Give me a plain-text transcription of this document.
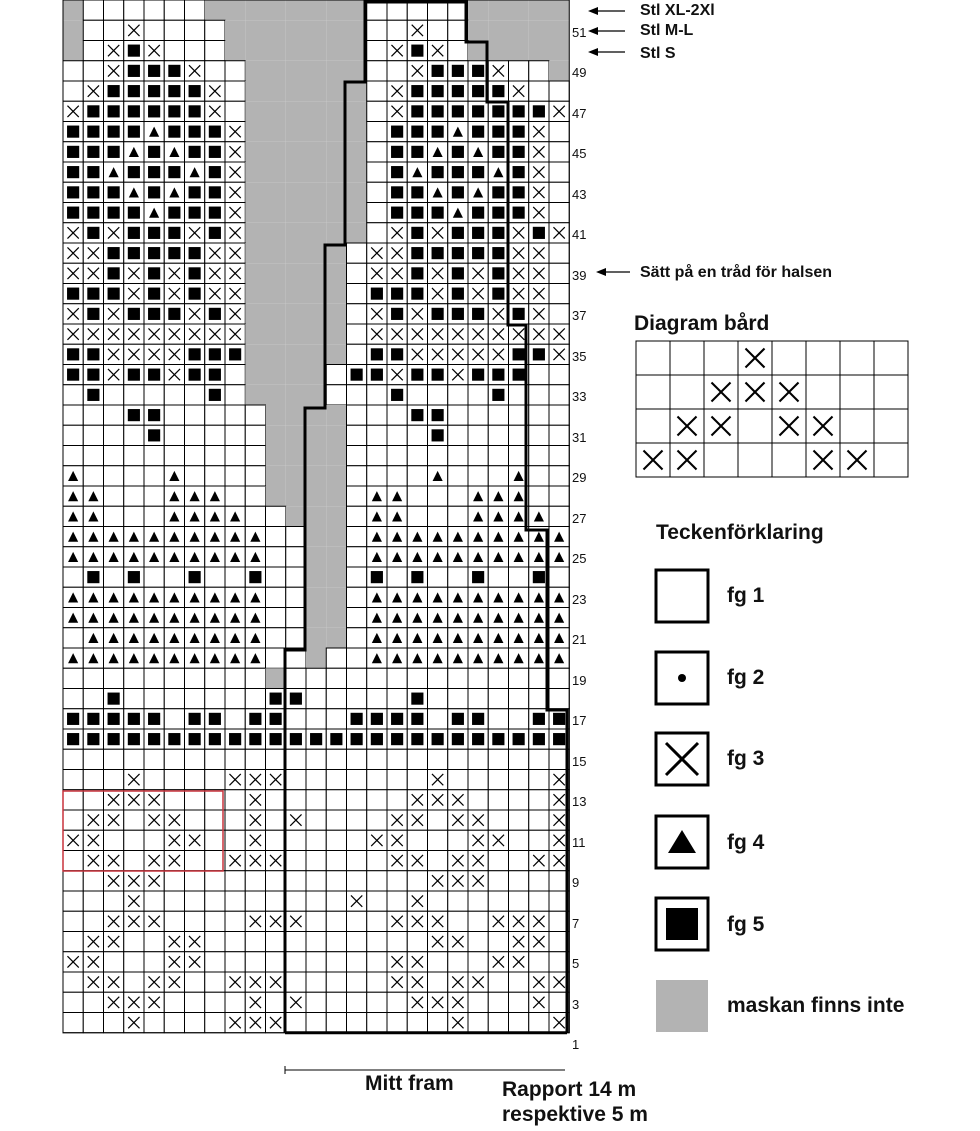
Stl XL-2Xl
Stl M-L
Stl S
Sätt på en tråd för halsen
Diagram bård
Teckenförklaring
fg 1
fg 2
fg 3
fg 4
fg 5
maskan finns inte
Mitt fram Rapport 14 m
respektive 5 m
1
3
5
7
9
11
13
15
17
19
21
23
25
27
29
31
33
35
37
39
41
43
45
47
49
51
